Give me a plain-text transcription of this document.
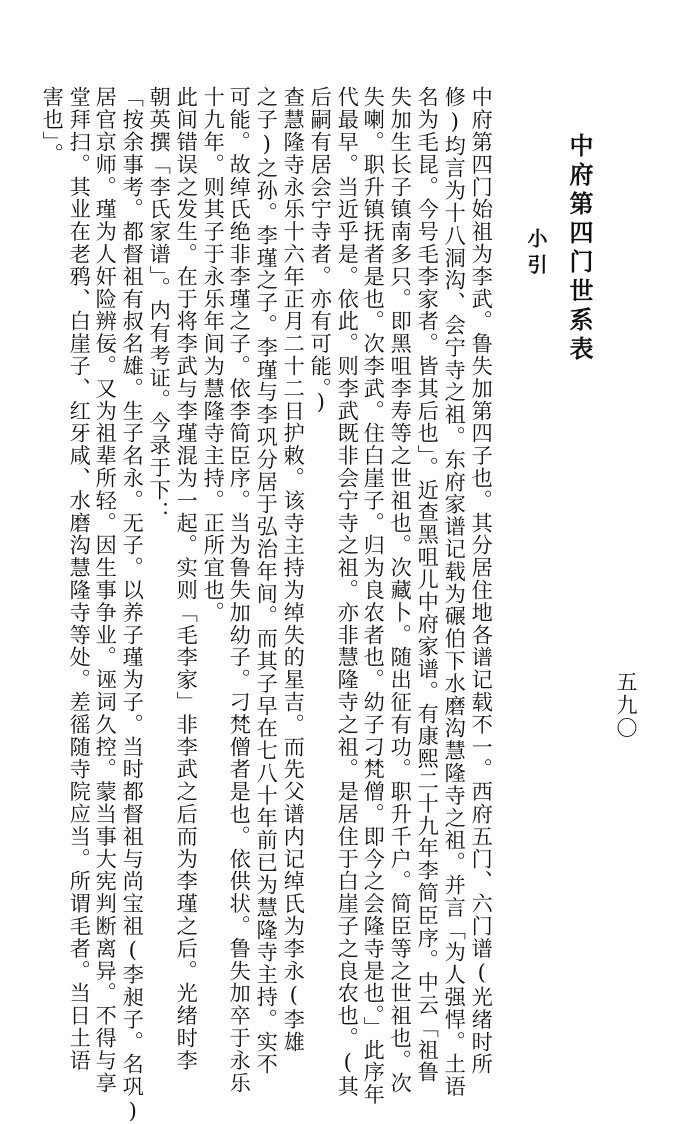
中府第四门世系表
小引
五九〇

中府第四门始祖为李武。鲁失加第四子也。其分居住地各谱记载不一。西府五门、六门谱(光绪时所

修)均言为十八洞沟、会宁寺之祖。东府家谱记载为碾伯下水磨沟慧隆寺之祖。并言「为人强悍。土语

名为毛昆。今号毛李家者。皆其后也」。近查黑咀儿中府家谱。有康熙二十九年李简臣序。中云「祖鲁

失加生长子镇南多只。即黑咀李寿等之世祖也。次藏卜。随出征有功。职升千户。简臣等之世祖也。次

失喇。职升镇抚者是也。次李武。住白崖子。归为良农者也。幼子刁梵僧。即今之会隆寺是也。」此序年

代最早。当近乎是。依此。则李武既非会宁寺之祖。亦非慧隆寺之祖。是居住于白崖子之良农也。(其

后嗣有居会宁寺者。亦有可能。)

查慧隆寺永乐十六年正月二十二日护敕。该寺主持为绰失的星吉。而先父谱内记绰氏为李永(李雄

之子)之孙。李瑾之子。李瑾与李巩分居于弘治年间。而其子早在七八十年前已为慧隆寺主持。实不

可能。故绰氏绝非李瑾之子。依李简臣序。当为鲁失加幼子。刁梵僧者是也。依供状。鲁失加卒于永乐

十九年。则其子于永乐年间为慧隆寺主持。正所宜也。

此间错误之发生。在于将李武与李瑾混为一起。实则「毛李家」非李武之后而为李瑾之后。光绪时李

朝英撰「李氏家谱」。内有考证。今录于下：

「按余事考。都督祖有叔名雄。生子名永。无子。以养子瑾为子。当时都督祖与尚宝祖(李昶子。名巩)

居官京师。瑾为人奸险辨佞。又为祖辈所轻。因生事争业。诬词久控。蒙当事大宪判断离异。不得与享

堂拜扫。其业在老鸦、白崖子、红牙咸、水磨沟慧隆寺等处。差徭随寺院应当。所谓毛者。当日土语

害也」。
